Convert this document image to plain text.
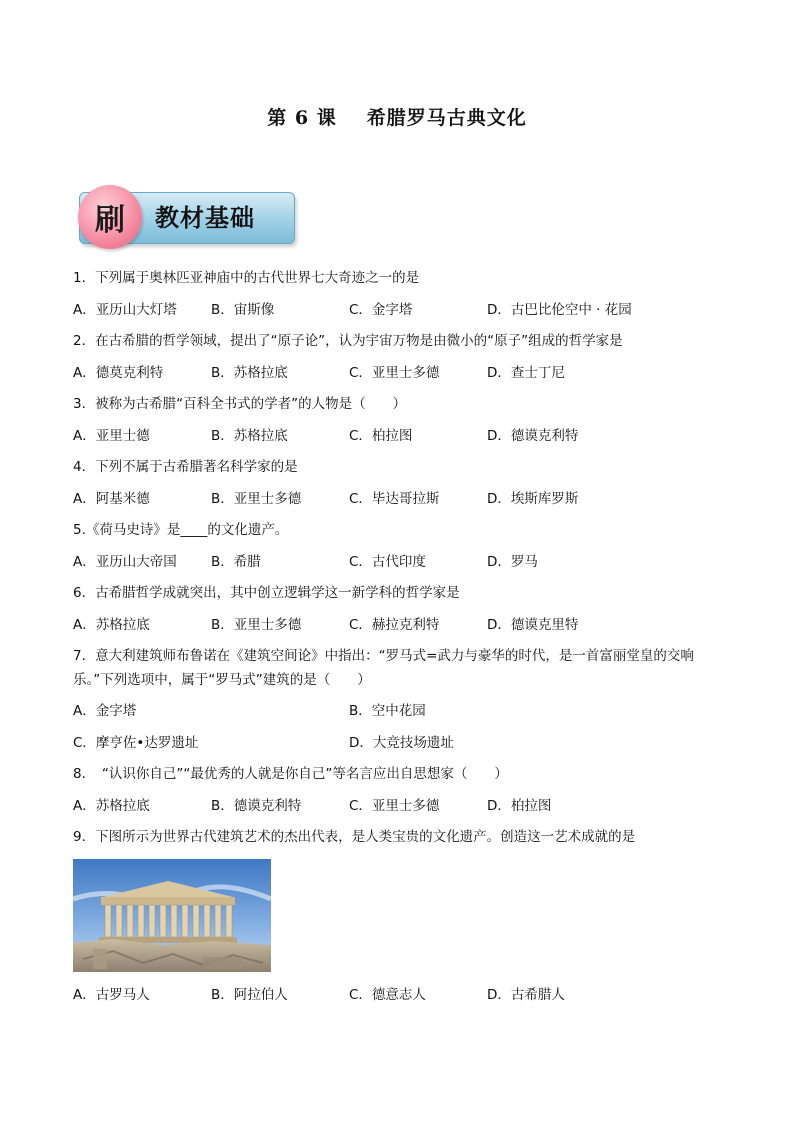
第 6 课 希腊罗马古典文化
刷	教材基础
1．下列属于奥林匹亚神庙中的古代世界七大奇迹之一的是
A．亚历山大灯塔	B．宙斯像	C．金字塔	D．古巴比伦空中 · 花园
2．在古希腊的哲学领域，提出了“原子论”，认为宇宙万物是由微小的“原子”组成的哲学家是
A．德莫克利特	B．苏格拉底	C．亚里士多德	D．查士丁尼
3．被称为古希腊“百科全书式的学者”的人物是（　　）
A．亚里士德	B．苏格拉底	C．柏拉图	D．德谟克利特
4．下列不属于古希腊著名科学家的是
A．阿基米德	B．亚里士多德	C．毕达哥拉斯	D．埃斯库罗斯
5.《荷马史诗》是____的文化遗产。
A．亚历山大帝国	B．希腊	C．古代印度	D．罗马
6．古希腊哲学成就突出，其中创立逻辑学这一新学科的哲学家是
A．苏格拉底	B．亚里士多德	C．赫拉克利特	D．德谟克里特
7．意大利建筑师布鲁诺在《建筑空间论》中指出：“罗马式=武力与豪华的时代，是一首富丽堂皇的交响乐。”下列选项中，属于“罗马式”建筑的是（　　）
A．金字塔	B．空中花园
C．摩亨佐•达罗遗址	D．大竞技场遗址
8．　“认识你自己”“最优秀的人就是你自己”等名言应出自思想家（　　）
A．苏格拉底	B．德谟克利特	C．亚里士多德	D．柏拉图
9．下图所示为世界古代建筑艺术的杰出代表，是人类宝贵的文化遗产。创造这一艺术成就的是
A．古罗马人	B．阿拉伯人	C．德意志人	D．古希腊人
